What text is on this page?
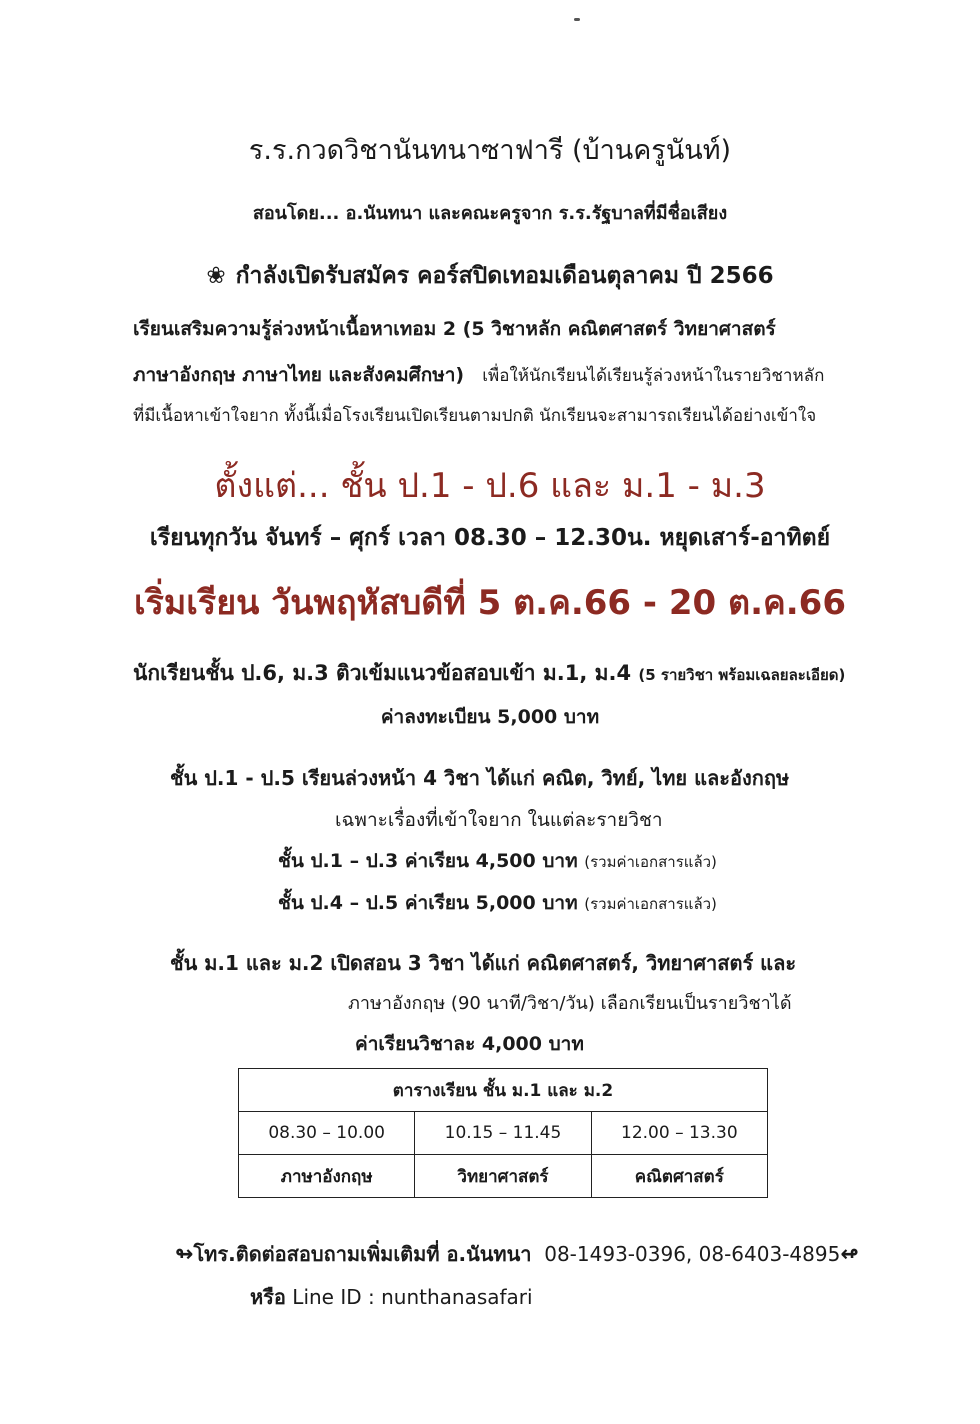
ร.ร.กวดวิชานันทนาซาฟารี (บ้านครูนันท์)
สอนโดย... อ.นันทนา และคณะครูจาก ร.ร.รัฐบาลที่มีชื่อเสียง
❀ กำลังเปิดรับสมัคร คอร์สปิดเทอมเดือนตุลาคม ปี 2566
เรียนเสริมความรู้ล่วงหน้าเนื้อหาเทอม 2 (5 วิชาหลัก คณิตศาสตร์ วิทยาศาสตร์
ภาษาอังกฤษ ภาษาไทย และสังคมศึกษา) เพื่อให้นักเรียนได้เรียนรู้ล่วงหน้าในรายวิชาหลัก
ที่มีเนื้อหาเข้าใจยาก ทั้งนี้เมื่อโรงเรียนเปิดเรียนตามปกติ นักเรียนจะสามารถเรียนได้อย่างเข้าใจ
ตั้งแต่... ชั้น ป.1 - ป.6 และ ม.1 - ม.3
เรียนทุกวัน จันทร์ – ศุกร์ เวลา 08.30 – 12.30น. หยุดเสาร์-อาทิตย์
เริ่มเรียน วันพฤหัสบดีที่ 5 ต.ค.66 - 20 ต.ค.66
นักเรียนชั้น ป.6, ม.3 ติวเข้มแนวข้อสอบเข้า ม.1, ม.4 (5 รายวิชา พร้อมเฉลยละเอียด)
ค่าลงทะเบียน 5,000 บาท
ชั้น ป.1 - ป.5 เรียนล่วงหน้า 4 วิชา ได้แก่ คณิต, วิทย์, ไทย และอังกฤษ
เฉพาะเรื่องที่เข้าใจยาก ในแต่ละรายวิชา
ชั้น ป.1 – ป.3 ค่าเรียน 4,500 บาท (รวมค่าเอกสารแล้ว)
ชั้น ป.4 – ป.5 ค่าเรียน 5,000 บาท (รวมค่าเอกสารแล้ว)
ชั้น ม.1 และ ม.2 เปิดสอน 3 วิชา ได้แก่ คณิตศาสตร์, วิทยาศาสตร์ และ
ภาษาอังกฤษ (90 นาที/วิชา/วัน) เลือกเรียนเป็นรายวิชาได้
ค่าเรียนวิชาละ 4,000 บาท
ตารางเรียน ชั้น ม.1 และ ม.2		
08.30 – 10.00	10.15 – 11.45	12.00 – 13.30
ภาษาอังกฤษ	วิทยาศาสตร์	คณิตศาสตร์
↬โทร.ติดต่อสอบถามเพิ่มเติมที่ อ.นันทนา 08-1493-0396, 08-6403-4895↫
หรือ Line ID : nunthanasafari
